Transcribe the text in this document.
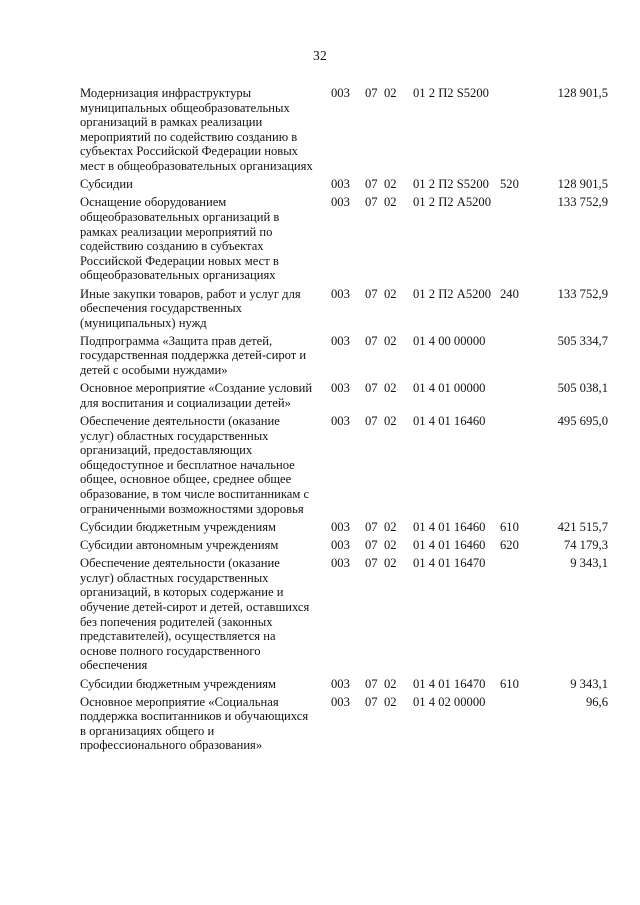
32
Модернизация инфраструктуры муниципальных общеобразовательных организаций в рамках реализации мероприятий по содействию созданию в субъектах Российской Федерации новых мест в общеобразовательных организациях
003 07 02 01 2 П2 S5200	128 901,5
Субсидии	003 07 02 01 2 П2 S5200 520	128 901,5
Оснащение оборудованием общеобразовательных организаций в рамках реализации мероприятий по содействию созданию в субъектах Российской Федерации новых мест в общеобразовательных организациях
003 07 02 01 2 П2 A5200	133 752,9
Иные закупки товаров, работ и услуг для обеспечения государственных (муниципальных) нужд
003 07 02 01 2 П2 A5200 240	133 752,9
Подпрограмма «Защита прав детей, государственная поддержка детей-сирот и детей с особыми нуждами»
003 07 02 01 4 00 00000	505 334,7
Основное мероприятие «Создание условий для воспитания и социализации детей»
003 07 02 01 4 01 00000	505 038,1
Обеспечение деятельности (оказание услуг) областных государственных организаций, предоставляющих общедоступное и бесплатное начальное общее, основное общее, среднее общее образование, в том числе воспитанникам с ограниченными возможностями здоровья
003 07 02 01 4 01 16460	495 695,0
Субсидии бюджетным учреждениям	003 07 02 01 4 01 16460 610	421 515,7
Субсидии автономным учреждениям	003 07 02 01 4 01 16460 620	74 179,3
Обеспечение деятельности (оказание услуг) областных государственных организаций, в которых содержание и обучение детей-сирот и детей, оставшихся без попечения родителей (законных представителей), осуществляется на основе полного государственного обеспечения
003 07 02 01 4 01 16470	9 343,1
Субсидии бюджетным учреждениям	003 07 02 01 4 01 16470 610	9 343,1
Основное мероприятие «Социальная поддержка воспитанников и обучающихся в организациях общего и профессионального образования»
003 07 02 01 4 02 00000	96,6
